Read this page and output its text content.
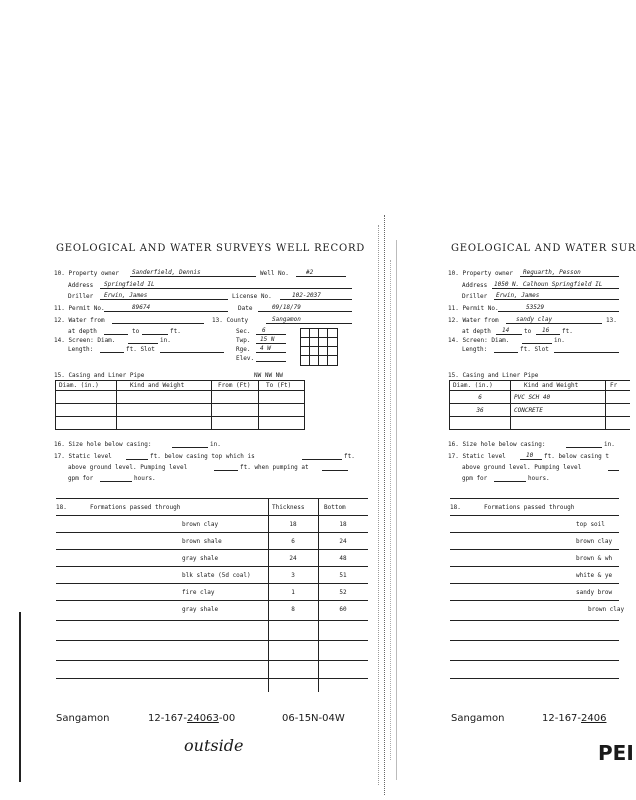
GEOLOGICAL AND WATER SURVEYS WELL RECORD
10. Property owner Sanderfield, Dennis	Well No.	#2
Address Springfield IL
Driller Erwin, James	License No.	102-2037
11. Permit No.	89674	Date	09/18/79
12. Water from	13. County	Sangamon
at depth	to	ft.	Sec. 6
14. Screen: Diam.	in.	Twp. 15 N
Length:	ft. Slot	Rge. 4 W
Elev.
15. Casing and Liner Pipe	NW NW NW
Diam. (in.)	Kind and Weight	From (Ft)	To (Ft)
16. Size hole below casing:	in.
17. Static level	ft. below casing top which is	ft.
above ground level. Pumping level	ft. when pumping at
gpm for	hours.
18.	Formations passed through	Thickness	Bottom
brown clay	18	18
brown shale	6	24
gray shale	24	48
blk slate (5d coal)	3	51
fire clay	1	52
gray shale	8	60
Sangamon	12-167-24063-00	06-15N-04W
outside
GEOLOGICAL AND WATER SUR
10. Property owner Reguarth, Pesson
Address 1050 N. Calhoun Springfield IL
Driller Erwin, James
11. Permit No.	53529
12. Water from	sandy clay	13.
at depth 14 to 16 ft.
14. Screen: Diam.	in.
Length:	ft. Slot
15. Casing and Liner Pipe
Diam. (in.)	Kind and Weight	Fr
6	PVC SCH 40
36	CONCRETE
16. Size hole below casing:	in.
17. Static level	10 ft. below casing t
above ground level. Pumping level
gpm for	hours.
18.	Formations passed through
top soil
brown clay
brown & wh
white & ye
sandy brow
brown clay
Sangamon	12-167-2406
PEI
